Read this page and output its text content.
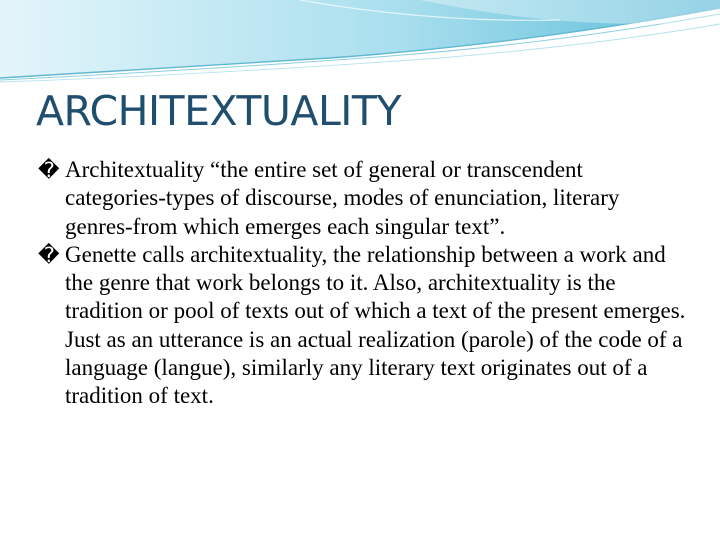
ARCHITEXTUALITY
� Architextuality “the entire set of general or transcendent categories-types of discourse, modes of enunciation, literary genres-from which emerges each singular text”.
� Genette calls architextuality, the relationship between a work and the genre that work belongs to it. Also, architextuality is the tradition or pool of texts out of which a text of the present emerges. Just as an utterance is an actual realization (parole) of the code of a language (langue), similarly any literary text originates out of a tradition of text.
